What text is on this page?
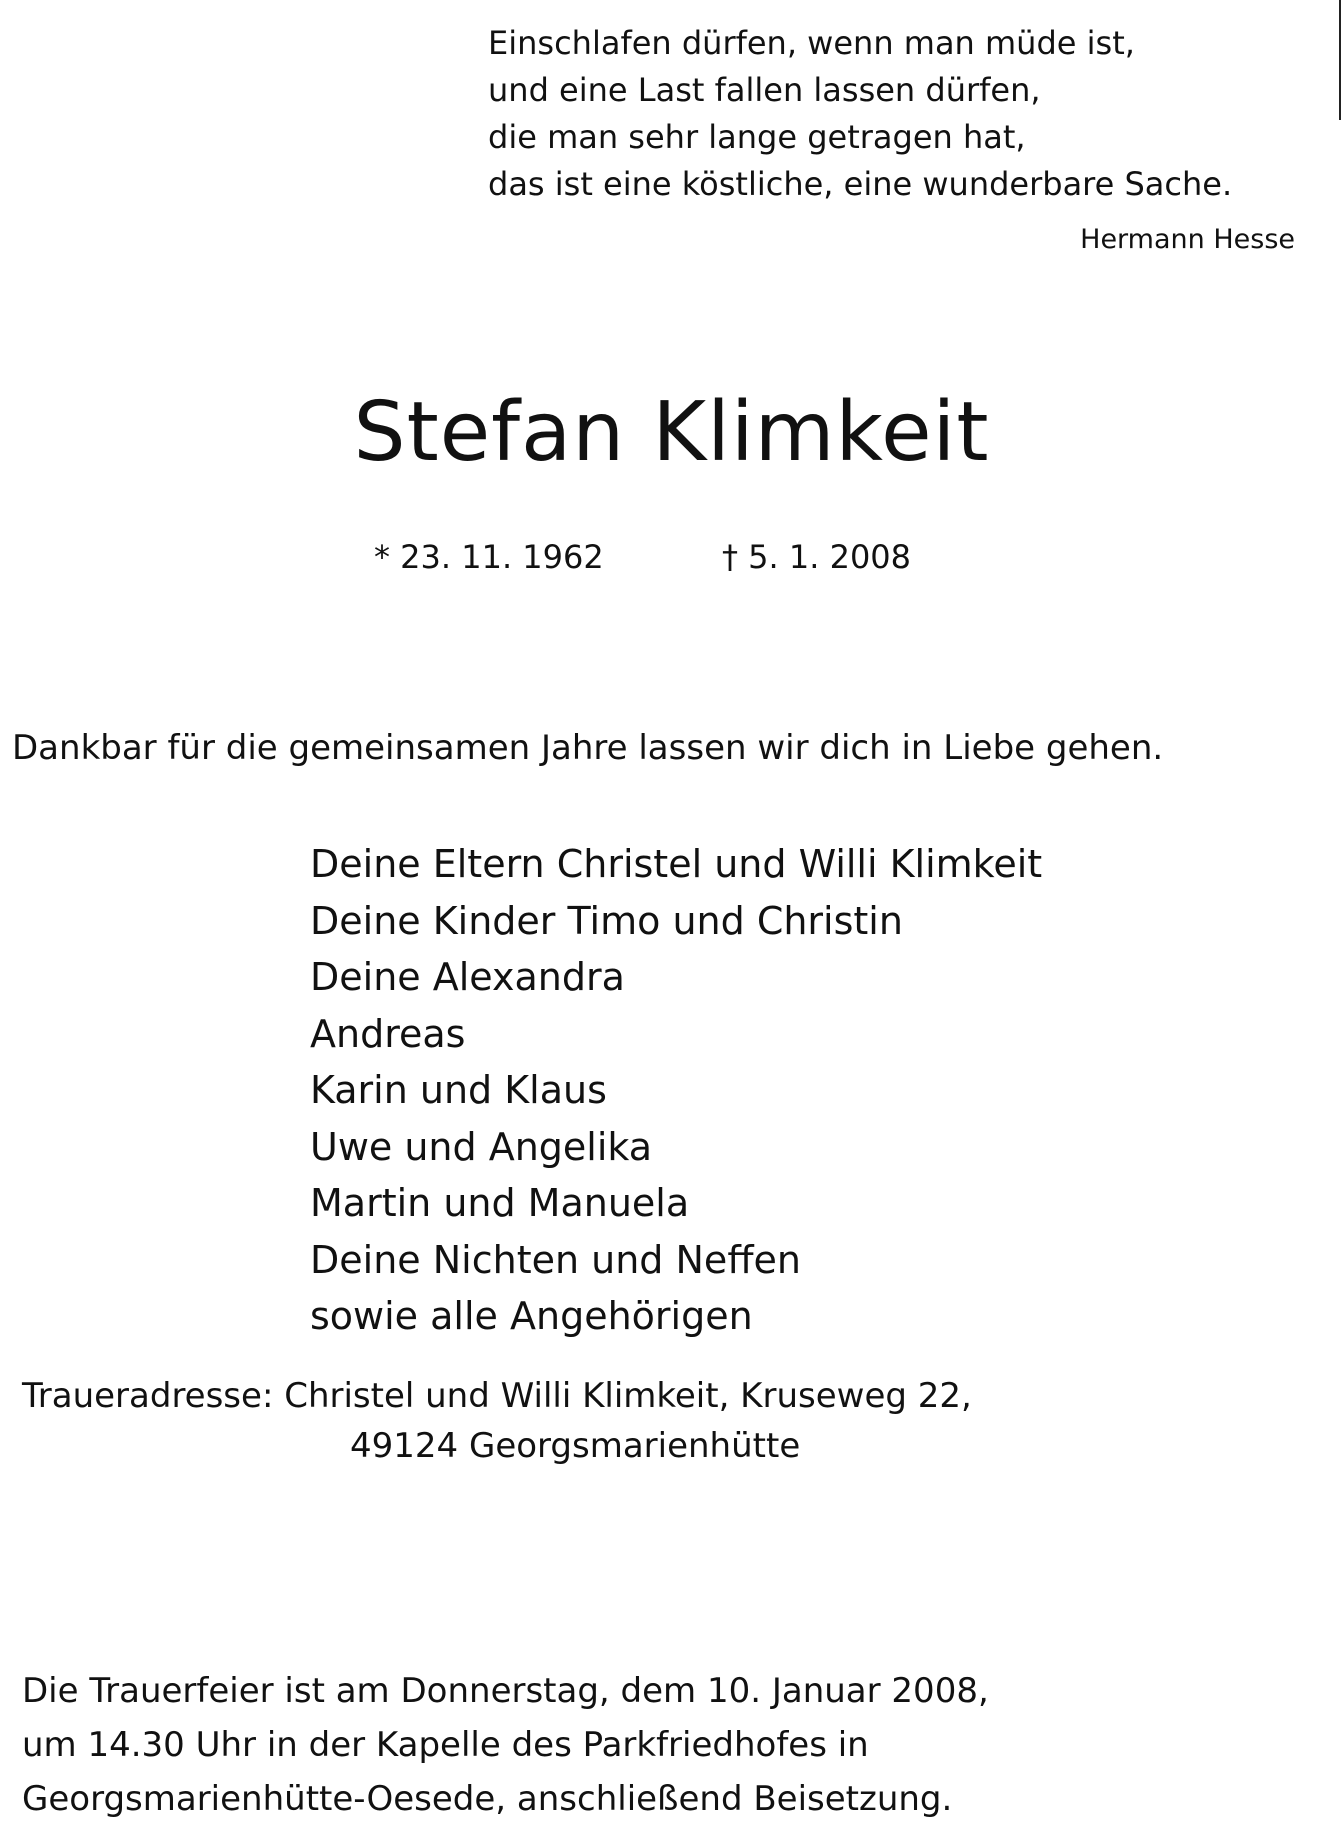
Einschlafen dürfen, wenn man müde ist,
und eine Last fallen lassen dürfen,
die man sehr lange getragen hat,
das ist eine köstliche, eine wunderbare Sache.
Hermann Hesse
Stefan Klimkeit
* 23. 11. 1962	† 5. 1. 2008
Dankbar für die gemeinsamen Jahre lassen wir dich in Liebe gehen.
Deine Eltern Christel und Willi Klimkeit
Deine Kinder Timo und Christin
Deine Alexandra
Andreas
Karin und Klaus
Uwe und Angelika
Martin und Manuela
Deine Nichten und Neffen
sowie alle Angehörigen
Traueradresse: Christel und Willi Klimkeit, Kruseweg 22,
49124 Georgsmarienhütte
Die Trauerfeier ist am Donnerstag, dem 10. Januar 2008,
um 14.30 Uhr in der Kapelle des Parkfriedhofes in
Georgsmarienhütte-Oesede, anschließend Beisetzung.
